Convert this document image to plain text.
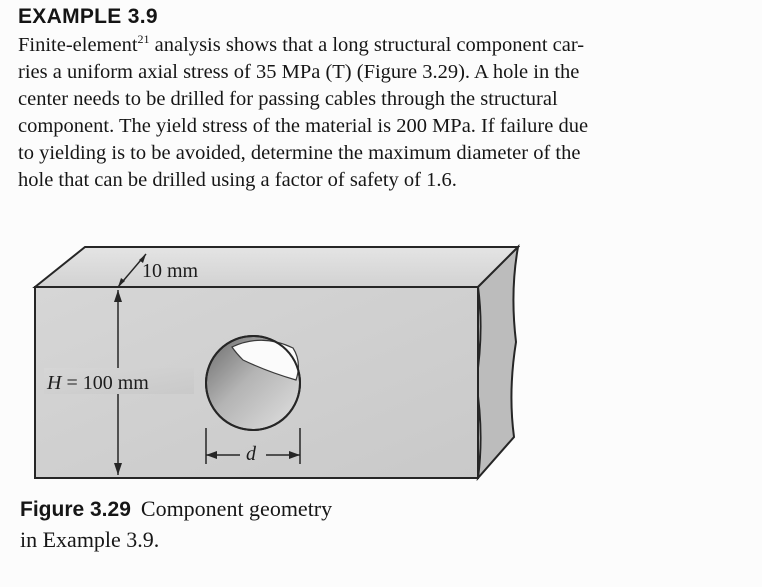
EXAMPLE 3.9
Finite-element$^{21}$ analysis shows that a long structural component car-
ries a uniform axial stress of 35 MPa (T) (Figure 3.29). A hole in the
center needs to be drilled for passing cables through the structural
component. The yield stress of the material is 200 MPa. If failure due
to yielding is to be avoided, determine the maximum diameter of the
hole that can be drilled using a factor of safety of 1.6.
10 mm
H = 100 mm
d
Figure 3.29 Component geometry
in Example 3.9.
